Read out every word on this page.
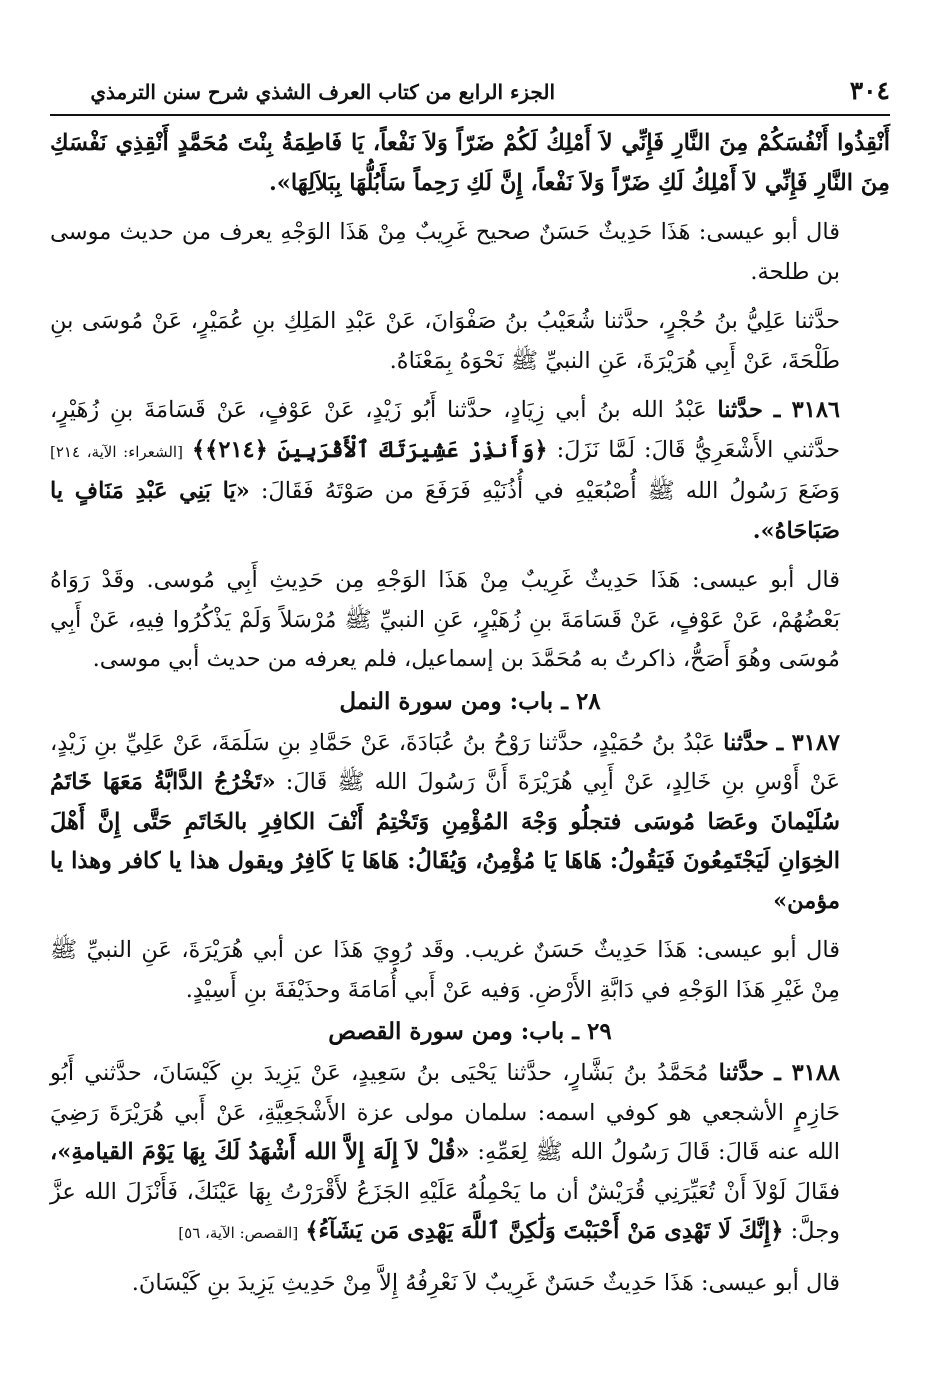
٣٠٤
الجزء الرابع من كتاب العرف الشذي شرح سنن الترمذي

أَنْقِذُوا أَنْفُسَكُمْ مِنَ النَّارِ فَإِنِّي لاَ أَمْلِكُ لَكُمْ ضَرّاً وَلاَ نَفْعاً، يَا فَاطِمَةُ بِنْتَ مُحَمَّدٍ أَنْقِذِي نَفْسَكِ مِنَ النَّارِ فَإِنِّي لاَ أَمْلِكُ لَكِ ضَرّاً وَلاَ نَفْعاً، إِنَّ لَكِ رَحِماً سَأَبُلُّهَا بِبَلاَلِهَا».

قال أبو عيسى: هَذَا حَدِيثٌ حَسَنٌ صحيح غَرِيبٌ مِنْ هَذَا الوَجْهِ يعرف من حديث موسى بن طلحة.

حدَّثنا عَلِيُّ بنُ حُجْرٍ، حدَّثنا شُعَيْبُ بنُ صَفْوَانَ، عَنْ عَبْدِ المَلِكِ بنِ عُمَيْرٍ، عَنْ مُوسَى بنِ طَلْحَةَ، عَنْ أَبِي هُرَيْرَةَ، عَنِ النبيِّ ﷺ نَحْوَهُ بِمَعْنَاهُ.

٣١٨٦ ـ حدَّثنا عَبْدُ الله بنُ أبي زِيَادٍ، حدَّثنا أَبُو زَيْدٍ، عَنْ عَوْفٍ، عَنْ قَسَامَةَ بنِ زُهَيْرٍ، حدَّثني الأَشْعَرِيُّ قَالَ: لَمَّا نَزَلَ: ﴿وَأَنذِرْ عَشِيرَتَكَ ٱلْأَقْرَبِينَ ﴿٢١٤﴾﴾ [الشعراء: الآية، ٢١٤] وَضَعَ رَسُولُ الله ﷺ أُصْبُعَيْهِ في أُذُنَيْهِ فَرَفَعَ من صَوْتَهُ فَقَالَ: «يَا بَنِي عَبْدِ مَنَافٍ يا صَبَاحَاهُ».

قال أبو عيسى: هَذَا حَدِيثٌ غَرِيبٌ مِنْ هَذَا الوَجْهِ مِن حَدِيثِ أَبِي مُوسى. وقَدْ رَوَاهُ بَعْضُهُمْ، عَنْ عَوْفٍ، عَنْ قَسَامَةَ بنِ زُهَيْرٍ، عَنِ النبيِّ ﷺ مُرْسَلاً وَلَمْ يَذْكُرُوا فِيهِ، عَنْ أَبِي مُوسَى وهُوَ أَصَحُّ، ذاكرتُ به مُحَمَّدَ بن إسماعيل، فلم يعرفه من حديث أبي موسى.

٢٨ ـ باب: ومن سورة النمل

٣١٨٧ ـ حدَّثنا عَبْدُ بنُ حُمَيْدٍ، حدَّثنا رَوْحُ بنُ عُبَادَةَ، عَنْ حَمَّادِ بنِ سَلَمَةَ، عَنْ عَلِيِّ بنِ زَيْدٍ، عَنْ أَوْسِ بنِ خَالِدٍ، عَنْ أَبِي هُرَيْرَةَ أَنَّ رَسُولَ الله ﷺ قَالَ: «تَخْرُجُ الدَّابَّةُ مَعَهَا خَاتَمُ سُلَيْمانَ وعَصَا مُوسَى فتجلُو وَجْهَ المُؤْمِنِ وَتَخْتِمُ أَنْفَ الكافِرِ بالخَاتَمِ حَتَّى إِنَّ أَهْلَ الخِوَانِ لَيَجْتَمِعُونَ فَيَقُولُ: هَاهَا يَا مُؤْمِنُ، وَيُقَالُ: هَاهَا يَا كَافِرُ ويقول هذا يا كافر وهذا يا مؤمن»

قال أبو عيسى: هَذَا حَدِيثٌ حَسَنٌ غريب. وقَد رُوِيَ هَذَا عن أبي هُرَيْرَةَ، عَنِ النبيِّ ﷺ مِنْ غَيْرِ هَذَا الوَجْهِ في دَابَّةِ الأَرْضِ. وَفيه عَنْ أَبي أُمَامَةَ وحذَيْفَةَ بنِ أَسِيْدٍ.

٢٩ ـ باب: ومن سورة القصص

٣١٨٨ ـ حدَّثنا مُحَمَّدُ بنُ بَشَّارٍ، حدَّثنا يَحْيَى بنُ سَعِيدٍ، عَنْ يَزِيدَ بنِ كَيْسَانَ، حدَّثني أَبُو حَازِمٍ الأشجعي هو كوفي اسمه: سلمان مولى عزة الأَشْجَعِيَّةِ، عَنْ أَبي هُرَيْرَةَ رَضِيَ الله عنه قَالَ: قَالَ رَسُولُ الله ﷺ لِعَمِّهِ: «قُلْ لاَ إِلَهَ إِلاَّ الله أَشْهَدُ لَكَ بِهَا يَوْمَ القيامةِ»، فقَالَ لَوْلاَ أَنْ تُعَيِّرَنِي قُرَيْشٌ أن ما يَحْمِلُهُ عَلَيْهِ الجَزَعُ لأَقْرَرْتُ بِهَا عَيْنَكَ، فَأَنْزَلَ الله عزَّ وجلَّ: ﴿إِنَّكَ لَا تَهْدِى مَنْ أَحْبَبْتَ وَلَٰكِنَّ ٱللَّهَ يَهْدِى مَن يَشَآءُ﴾ [القصص: الآية، ٥٦]

قال أبو عيسى: هَذَا حَدِيثٌ حَسَنٌ غَرِيبٌ لاَ نَعْرِفُهُ إِلاَّ مِنْ حَدِيثِ يَزِيدَ بنِ كَيْسَانَ.
